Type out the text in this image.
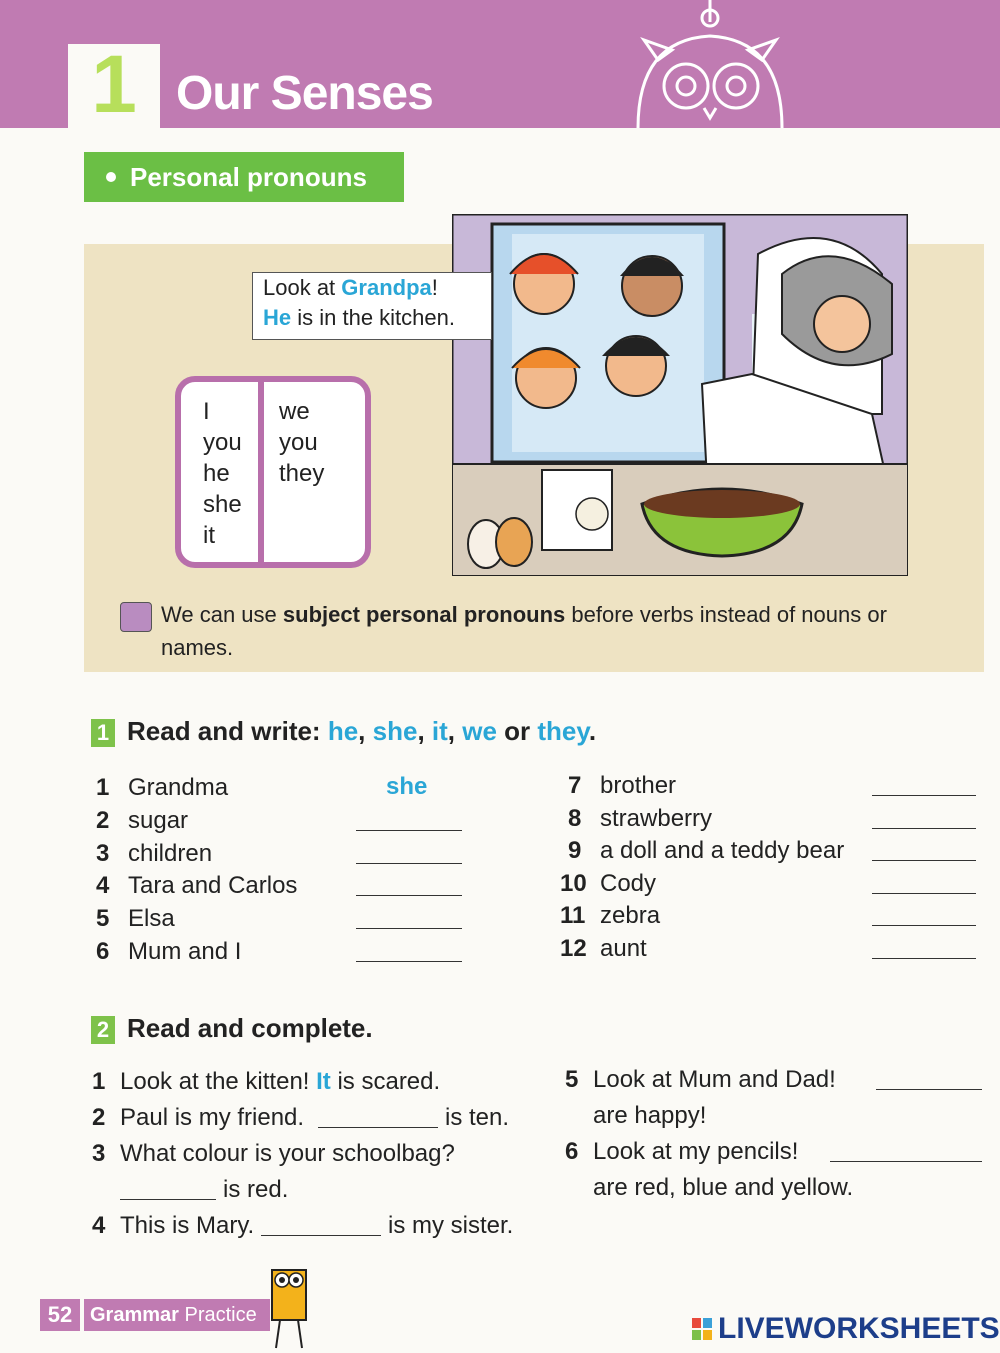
1 Our Senses
Personal pronouns
Look at Grandpa!
He is in the kitchen.
I
you
he
she
it
we
you
they
We can use subject personal pronouns before verbs instead of nouns or names.
1 Read and write: he, she, it, we or they.
1 Grandma	she
2 sugar
3 children
4 Tara and Carlos
5 Elsa
6 Mum and I
7 brother
8 strawberry
9 a doll and a teddy bear
10 Cody
11 zebra
12 aunt
2 Read and complete.
1 Look at the kitten! It is scared.
2 Paul is my friend.	is ten.
3 What colour is your schoolbag?
is red.
4 This is Mary.	is my sister.
5 Look at Mum and Dad!
are happy!
6 Look at my pencils!
are red, blue and yellow.
52 Grammar Practice	LIVEWORKSHEETS
